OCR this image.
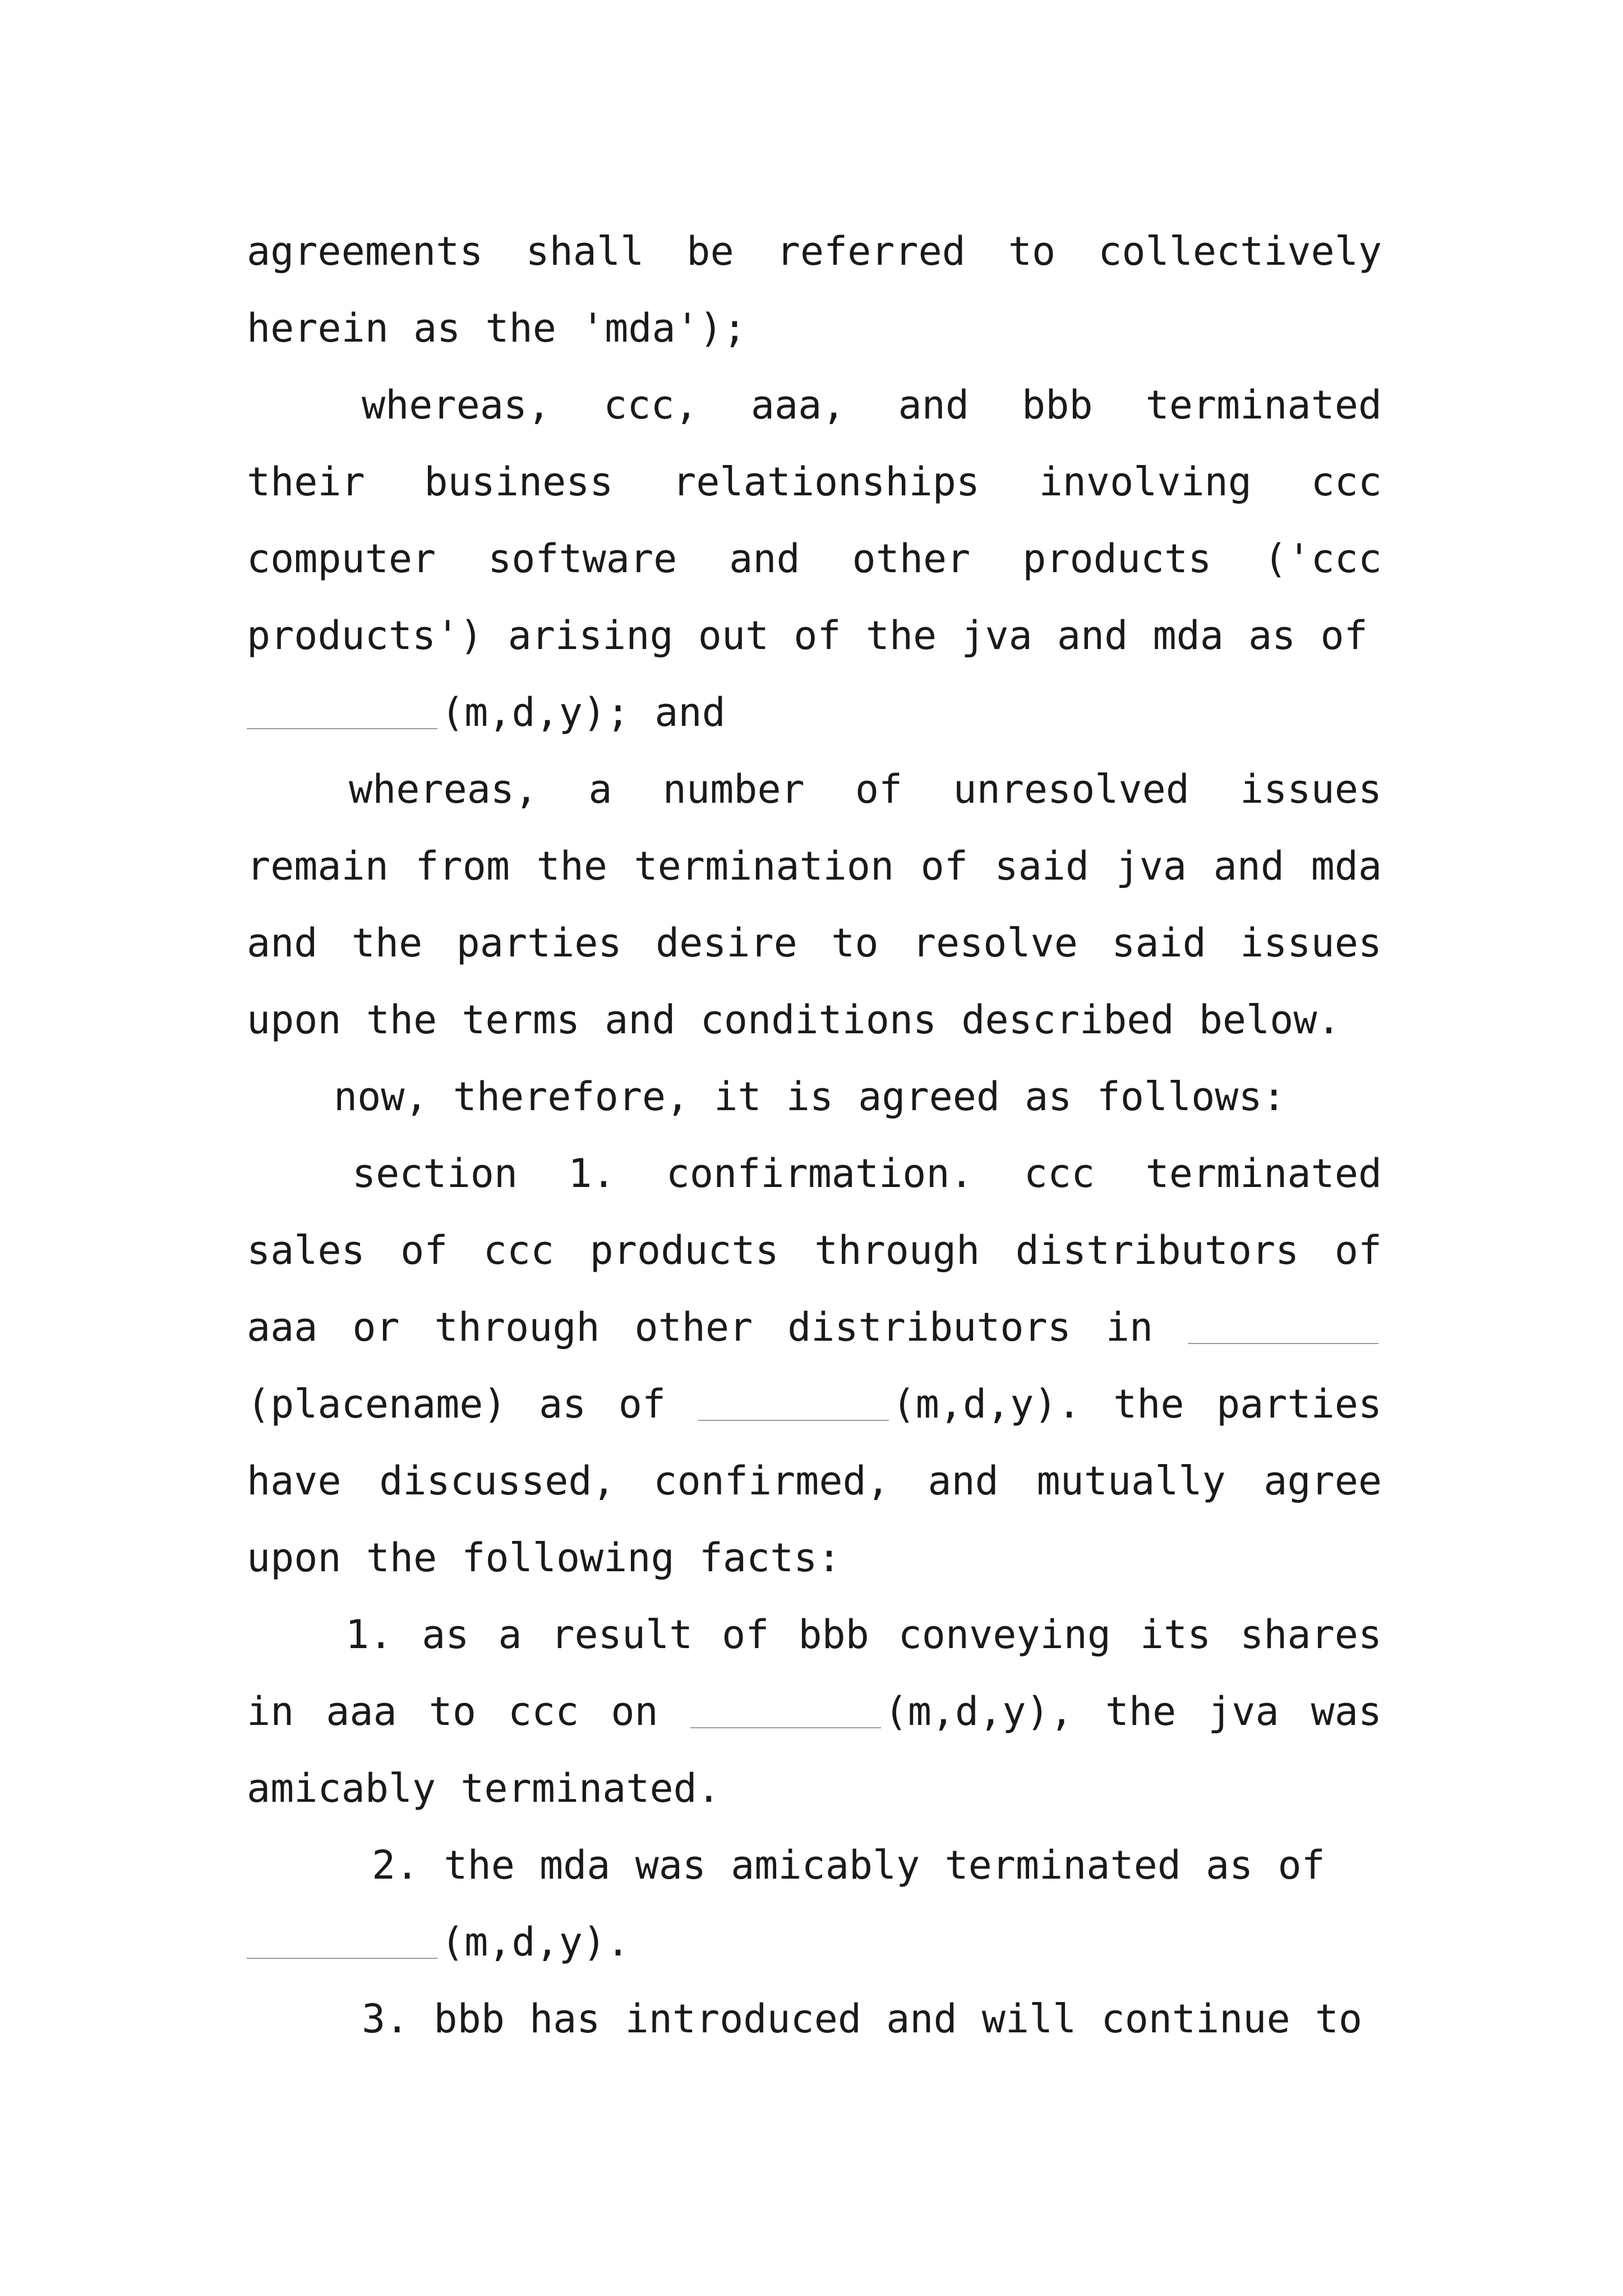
agreements shall be referred to collectively herein as the 'mda');

whereas, ccc, aaa, and bbb terminated their business relationships involving ccc computer software and other products ('ccc products') arising out of the jva and mda as of
(m,d,y); and

whereas, a number of unresolved issues remain from the termination of said jva and mda and the parties desire to resolve said issues upon the terms and conditions described below.

now, therefore, it is agreed as follows:

section 1. confirmation. ccc terminated sales of ccc products through distributors of aaa or through other distributors in (placename) as of	(m,d,y). the parties have discussed, confirmed, and mutually agree upon the following facts:

1. as a result of bbb conveying its shares in aaa to ccc on	(m,d,y), the jva was amicably terminated.

2. the mda was amicably terminated as of
(m,d,y).

3. bbb has introduced and will continue to
